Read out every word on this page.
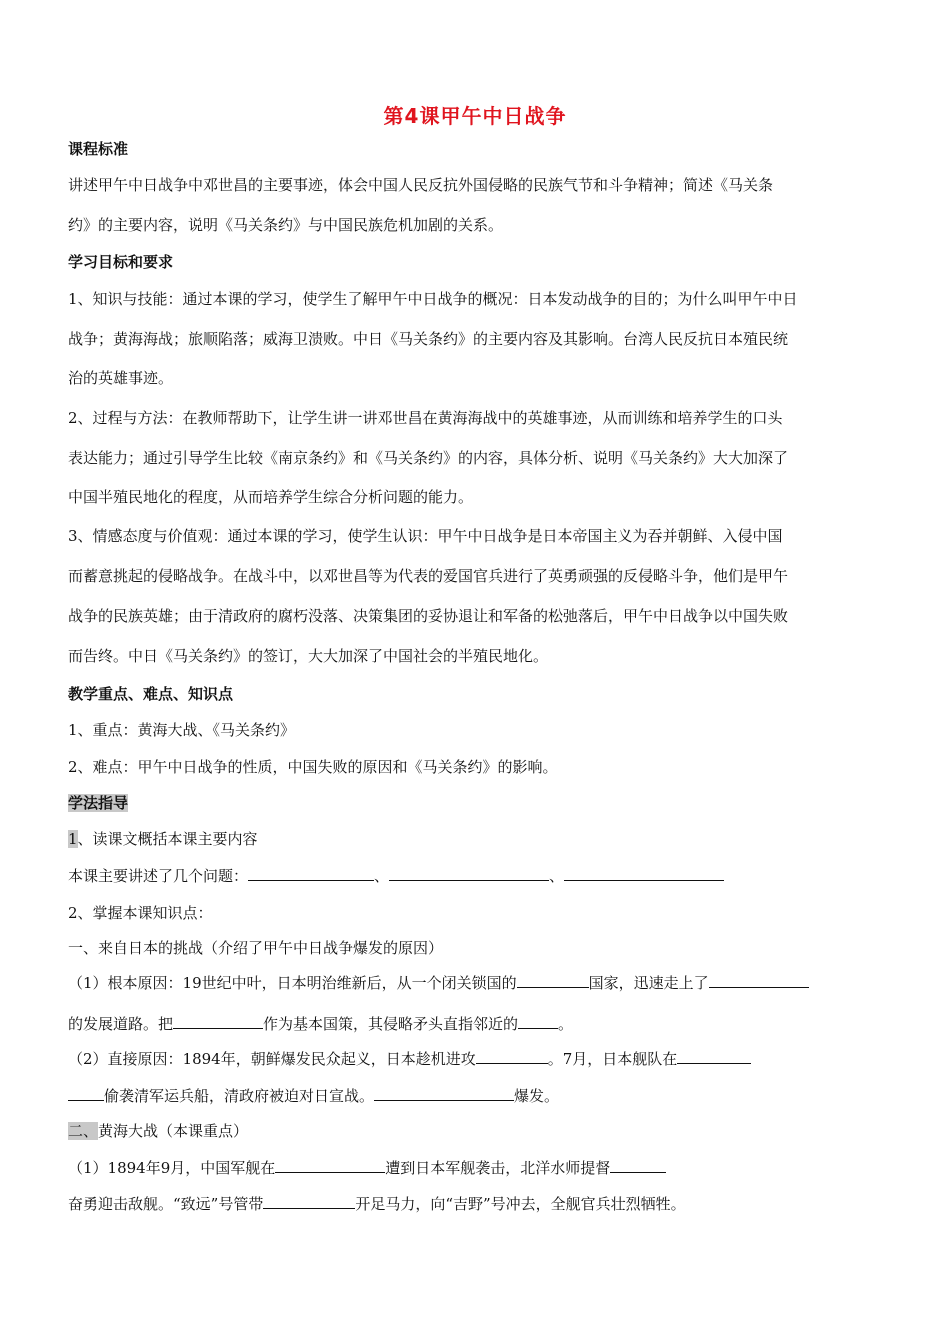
第4课甲午中日战争
课程标准
讲述甲午中日战争中邓世昌的主要事迹，体会中国人民反抗外国侵略的民族气节和斗争精神；简述《马关条
约》的主要内容，说明《马关条约》与中国民族危机加剧的关系。
学习目标和要求
1、知识与技能：通过本课的学习，使学生了解甲午中日战争的概况：日本发动战争的目的；为什么叫甲午中日
战争；黄海海战；旅顺陷落；威海卫溃败。中日《马关条约》的主要内容及其影响。台湾人民反抗日本殖民统
治的英雄事迹。
2、过程与方法：在教师帮助下，让学生讲一讲邓世昌在黄海海战中的英雄事迹，从而训练和培养学生的口头
表达能力；通过引导学生比较《南京条约》和《马关条约》的内容，具体分析、说明《马关条约》大大加深了
中国半殖民地化的程度，从而培养学生综合分析问题的能力。
3、情感态度与价值观：通过本课的学习，使学生认识：甲午中日战争是日本帝国主义为吞并朝鲜、入侵中国
而蓄意挑起的侵略战争。在战斗中，以邓世昌等为代表的爱国官兵进行了英勇顽强的反侵略斗争，他们是甲午
战争的民族英雄；由于清政府的腐朽没落、决策集团的妥协退让和军备的松弛落后，甲午中日战争以中国失败
而告终。中日《马关条约》的签订，大大加深了中国社会的半殖民地化。
教学重点、难点、知识点
1、重点：黄海大战、《马关条约》
2、难点：甲午中日战争的性质，中国失败的原因和《马关条约》的影响。
学法指导
1、读课文概括本课主要内容
本课主要讲述了几个问题：	、	、
2、掌握本课知识点：
一、来自日本的挑战（介绍了甲午中日战争爆发的原因）
（1）根本原因：19世纪中叶，日本明治维新后，从一个闭关锁国的	国家，迅速走上了
的发展道路。把	作为基本国策，其侵略矛头直指邻近的	。
（2）直接原因：1894年，朝鲜爆发民众起义，日本趁机进攻	。7月，日本舰队在
偷袭清军运兵船，清政府被迫对日宣战。	爆发。
二、黄海大战（本课重点）
（1）1894年9月，中国军舰在	遭到日本军舰袭击，北洋水师提督
奋勇迎击敌舰。“致远”号管带	开足马力，向“吉野”号冲去，全舰官兵壮烈牺牲。
